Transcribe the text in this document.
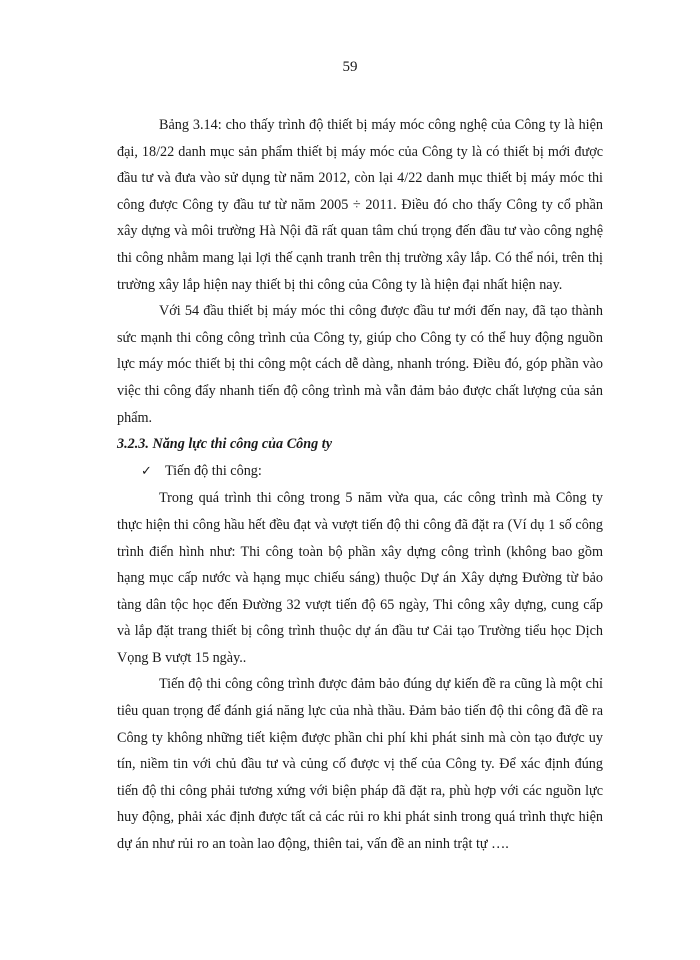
59

Bảng 3.14: cho thấy trình độ thiết bị máy móc công nghệ của Công ty là hiện đại, 18/22 danh mục sản phẩm thiết bị máy móc của Công ty là có thiết bị mới được đầu tư và đưa vào sử dụng từ năm 2012, còn lại 4/22 danh mục thiết bị máy móc thi công được Công ty đầu tư từ năm 2005 ÷ 2011. Điều đó cho thấy Công ty cổ phần xây dựng và môi trường Hà Nội đã rất quan tâm chú trọng đến đầu tư vào công nghệ thi công nhằm mang lại lợi thế cạnh tranh trên thị trường xây lắp. Có thể nói, trên thị trường xây lắp hiện nay thiết bị thi công của Công ty là hiện đại nhất hiện nay.

Với 54 đầu thiết bị máy móc thi công được đầu tư mới đến nay, đã tạo thành sức mạnh thi công công trình của Công ty, giúp cho Công ty có thể huy động nguồn lực máy móc thiết bị thi công một cách dễ dàng, nhanh tróng. Điều đó, góp phần vào việc thi công đẩy nhanh tiến độ công trình mà vẫn đảm bảo được chất lượng của sản phẩm.

3.2.3. Năng lực thi công của Công ty

✓ Tiến độ thi công:

Trong quá trình thi công trong 5 năm vừa qua, các công trình mà Công ty thực hiện thi công hầu hết đều đạt và vượt tiến độ thi công đã đặt ra (Ví dụ 1 số công trình điển hình như: Thi công toàn bộ phần xây dựng công trình (không bao gồm hạng mục cấp nước và hạng mục chiếu sáng) thuộc Dự án Xây dựng Đường từ bảo tàng dân tộc học đến Đường 32 vượt tiến độ 65 ngày, Thi công xây dựng, cung cấp và lắp đặt trang thiết bị công trình thuộc dự án đầu tư Cải tạo Trường tiểu học Dịch Vọng B vượt 15 ngày..

Tiến độ thi công công trình được đảm bảo đúng dự kiến đề ra cũng là một chỉ tiêu quan trọng để đánh giá năng lực của nhà thầu. Đảm bảo tiến độ thi công đã đề ra Công ty không những tiết kiệm được phần chi phí khi phát sinh mà còn tạo được uy tín, niềm tin với chủ đầu tư và củng cố được vị thế của Công ty. Để xác định đúng tiến độ thi công phải tương xứng với biện pháp đã đặt ra, phù hợp với các nguồn lực huy động, phải xác định được tất cả các rủi ro khi phát sinh trong quá trình thực hiện dự án như rủi ro an toàn lao động, thiên tai, vấn đề an ninh trật tự ….
